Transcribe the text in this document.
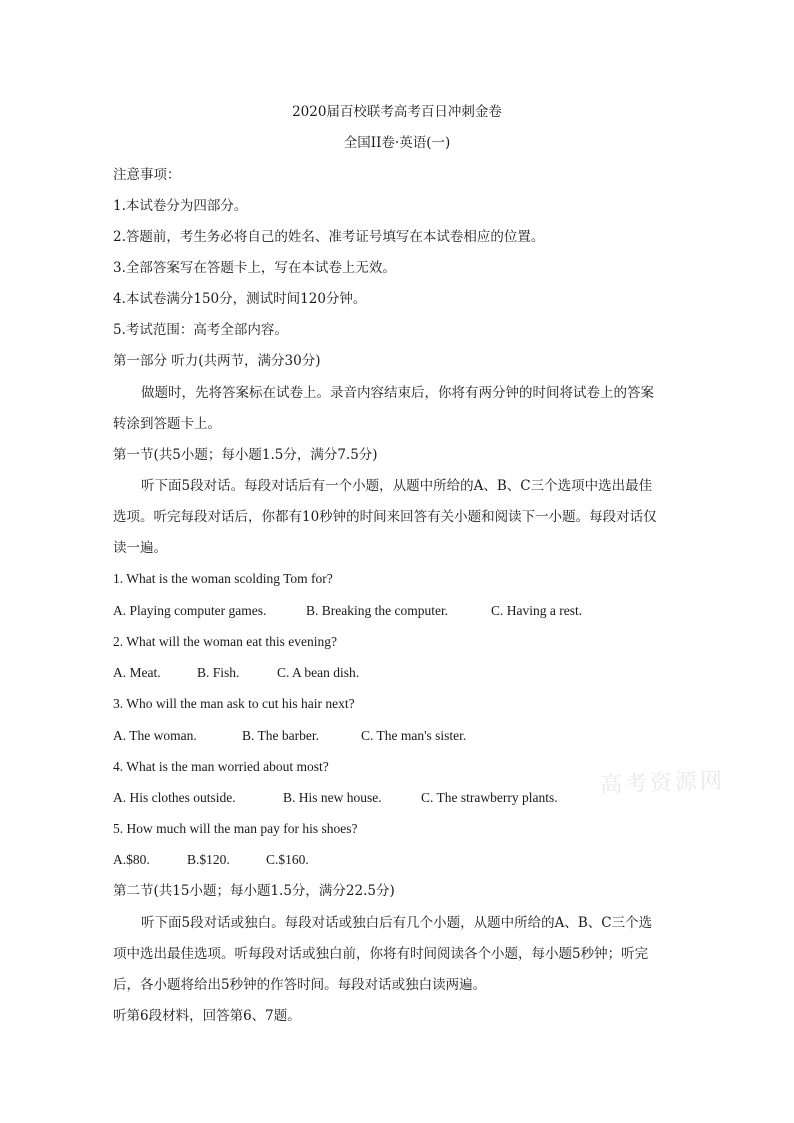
2020届百校联考高考百日冲刺金卷
全国II卷·英语(一)
注意事项：
1.本试卷分为四部分。
2.答题前，考生务必将自己的姓名、准考证号填写在本试卷相应的位置。
3.全部答案写在答题卡上，写在本试卷上无效。
4.本试卷满分150分，测试时间120分钟。
5.考试范围：高考全部内容。
第一部分 听力(共两节，满分30分)
做题时，先将答案标在试卷上。录音内容结束后，你将有两分钟的时间将试卷上的答案
转涂到答题卡上。
第一节(共5小题；每小题1.5分，满分7.5分)
听下面5段对话。每段对话后有一个小题，从题中所给的A、B、C三个选项中选出最佳
选项。听完每段对话后，你都有10秒钟的时间来回答有关小题和阅读下一小题。每段对话仅
读一遍。
1. What is the woman scolding Tom for?
A. Playing computer games.	B. Breaking the computer.	C. Having a rest.
2. What will the woman eat this evening?
A. Meat.	B. Fish.	C. A bean dish.
3. Who will the man ask to cut his hair next?
A. The woman.	B. The barber.	C. The man's sister.
4. What is the man worried about most?
A. His clothes outside.	B. His new house.	C. The strawberry plants.
5. How much will the man pay for his shoes?
A.$80.	B.$120.	C.$160.
第二节(共15小题；每小题1.5分，满分22.5分)
听下面5段对话或独白。每段对话或独白后有几个小题，从题中所给的A、B、C三个选
项中选出最佳选项。听每段对话或独白前，你将有时间阅读各个小题，每小题5秒钟；听完
后，各小题将给出5秒钟的作答时间。每段对话或独白读两遍。
听第6段材料，回答第6、7题。
高考资源网
